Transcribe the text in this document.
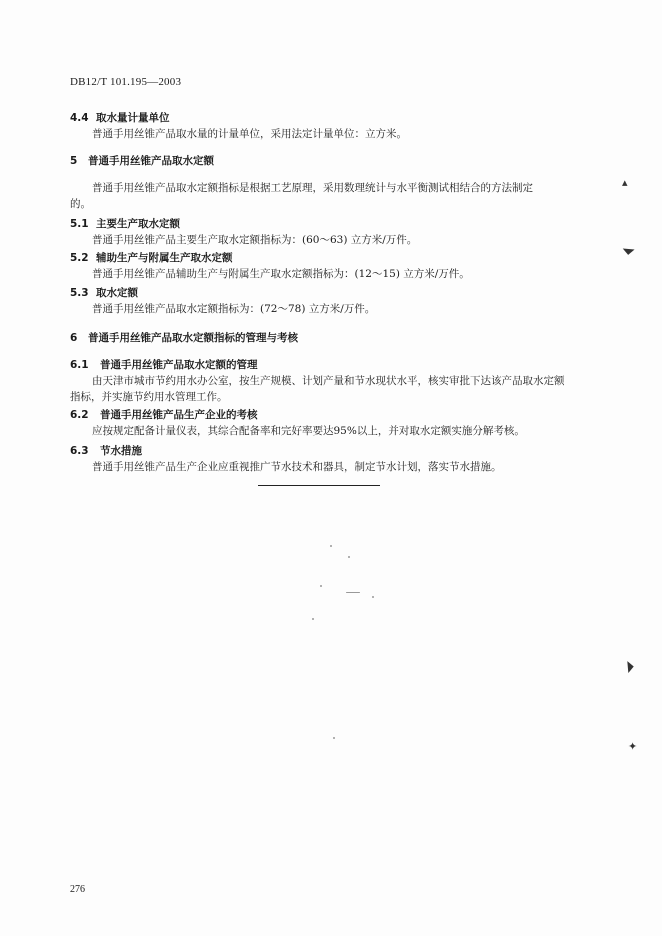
DB12/T 101.195—2003
4.4 取水量计量单位
普通手用丝锥产品取水量的计量单位，采用法定计量单位：立方米。
5 普通手用丝锥产品取水定额
普通手用丝锥产品取水定额指标是根据工艺原理，采用数理统计与水平衡测试相结合的方法制定
的。
5.1 主要生产取水定额
普通手用丝锥产品主要生产取水定额指标为：(60～63) 立方米/万件。
5.2 辅助生产与附属生产取水定额
普通手用丝锥产品辅助生产与附属生产取水定额指标为：(12～15) 立方米/万件。
5.3 取水定额
普通手用丝锥产品取水定额指标为：(72～78) 立方米/万件。
6 普通手用丝锥产品取水定额指标的管理与考核
6.1 普通手用丝锥产品取水定额的管理
由天津市城市节约用水办公室，按生产规模、计划产量和节水现状水平，核实审批下达该产品取水定额
指标，并实施节约用水管理工作。
6.2 普通手用丝锥产品生产企业的考核
应按规定配备计量仪表，其综合配备率和完好率要达95%以上，并对取水定额实施分解考核。
6.3 节水措施
普通手用丝锥产品生产企业应重视推广节水技术和器具，制定节水计划，落实节水措施。
▴
◣
◥
✦
276
